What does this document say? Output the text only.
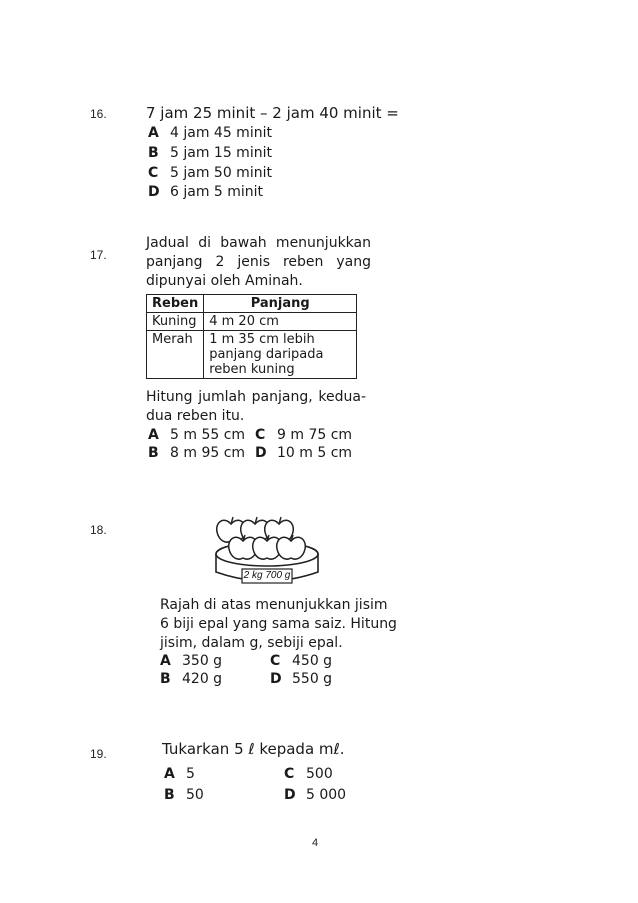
16.	7 jam 25 minit – 2 jam 40 minit =
A 4 jam 45 minit
B 5 jam 15 minit
C 5 jam 50 minit
D 6 jam 5 minit
17.
Jadual di bawah menunjukkan
panjang 2 jenis reben yang
dipunyai oleh Aminah.
Reben	Panjang
Kuning	4 m 20 cm
Merah	1 m 35 cm lebih panjang daripada reben kuning
Hitung jumlah panjang, kedua-
dua reben itu.
A 5 m 55 cm C 9 m 75 cm
B 8 m 95 cm D 10 m 5 cm
18.
2 kg 700 g
Rajah di atas menunjukkan jisim
6 biji epal yang sama saiz. Hitung
jisim, dalam g, sebiji epal.
A 350 g	C 450 g
B 420 g	D 550 g
19.	Tukarkan 5 ℓ kepada mℓ.
A 5	C 500
B 50	D 5 000
4
